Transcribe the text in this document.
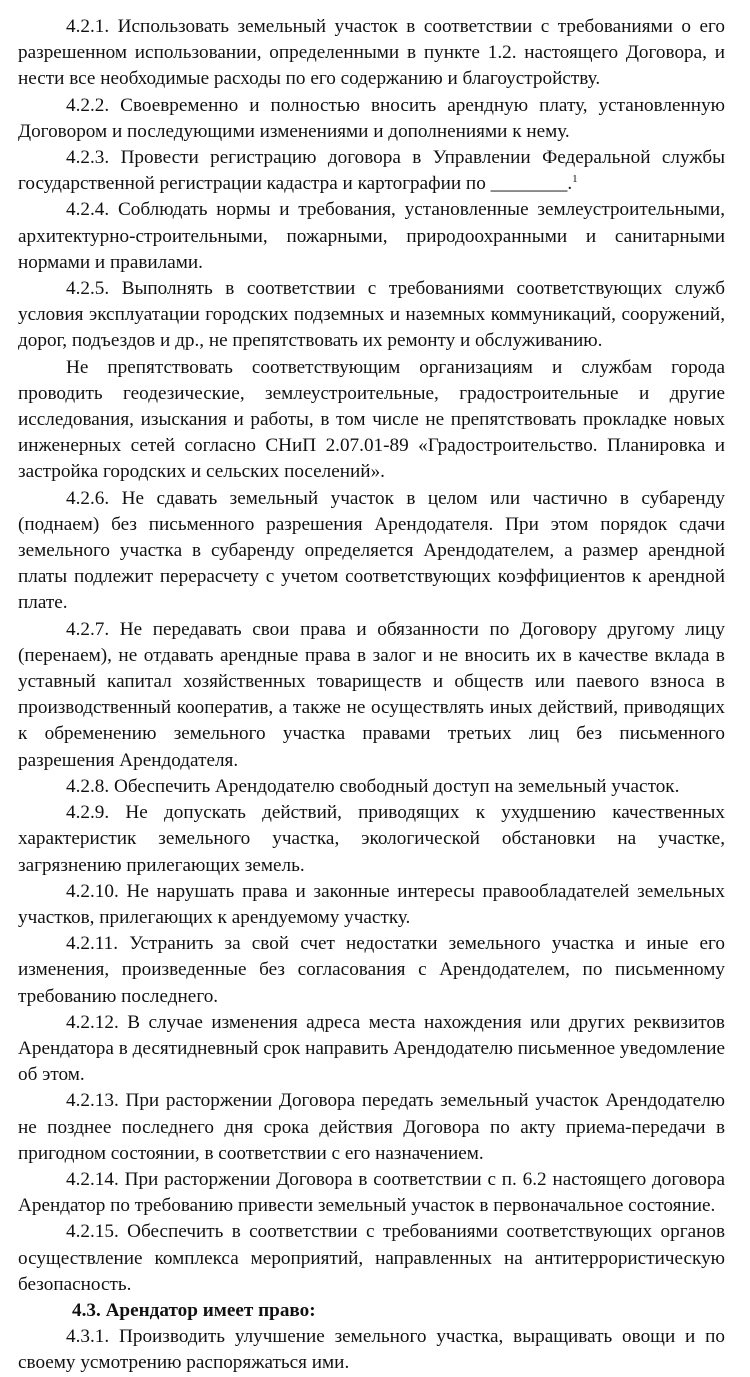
4.2.1. Использовать земельный участок в соответствии с требованиями о его разрешенном использовании, определенными в пункте 1.2. настоящего Договора, и нести все необходимые расходы по его содержанию и благоустройству.

4.2.2. Своевременно и полностью вносить арендную плату, установленную Договором и последующими изменениями и дополнениями к нему.

4.2.3. Провести регистрацию договора в Управлении Федеральной службы государственной регистрации кадастра и картографии по ________.$^1$

4.2.4. Соблюдать нормы и требования, установленные землеустроительными, архитектурно-строительными, пожарными, природоохранными и санитарными нормами и правилами.

4.2.5. Выполнять в соответствии с требованиями соответствующих служб условия эксплуатации городских подземных и наземных коммуникаций, сооружений, дорог, подъездов и др., не препятствовать их ремонту и обслуживанию.

Не препятствовать соответствующим организациям и службам города проводить геодезические, землеустроительные, градостроительные и другие исследования, изыскания и работы, в том числе не препятствовать прокладке новых инженерных сетей согласно СНиП 2.07.01-89 «Градостроительство. Планировка и застройка городских и сельских поселений».

4.2.6. Не сдавать земельный участок в целом или частично в субаренду (поднаем) без письменного разрешения Арендодателя. При этом порядок сдачи земельного участка в субаренду определяется Арендодателем, а размер арендной платы подлежит перерасчету с учетом соответствующих коэффициентов к арендной плате.

4.2.7. Не передавать свои права и обязанности по Договору другому лицу (перенаем), не отдавать арендные права в залог и не вносить их в качестве вклада в уставный капитал хозяйственных товариществ и обществ или паевого взноса в производственный кооператив, а также не осуществлять иных действий, приводящих к обременению земельного участка правами третьих лиц без письменного разрешения Арендодателя.

4.2.8. Обеспечить Арендодателю свободный доступ на земельный участок.

4.2.9. Не допускать действий, приводящих к ухудшению качественных характеристик земельного участка, экологической обстановки на участке, загрязнению прилегающих земель.

4.2.10. Не нарушать права и законные интересы правообладателей земельных участков, прилегающих к арендуемому участку.

4.2.11. Устранить за свой счет недостатки земельного участка и иные его изменения, произведенные без согласования с Арендодателем, по письменному требованию последнего.

4.2.12. В случае изменения адреса места нахождения или других реквизитов Арендатора в десятидневный срок направить Арендодателю письменное уведомление об этом.

4.2.13. При расторжении Договора передать земельный участок Арендодателю не позднее последнего дня срока действия Договора по акту приема-передачи в пригодном состоянии, в соответствии с его назначением.

4.2.14. При расторжении Договора в соответствии с п. 6.2 настоящего договора Арендатор по требованию привести земельный участок в первоначальное состояние.

4.2.15. Обеспечить в соответствии с требованиями соответствующих органов осуществление комплекса мероприятий, направленных на антитеррористическую безопасность.

4.3. Арендатор имеет право:

4.3.1. Производить улучшение земельного участка, выращивать овощи и по своему усмотрению распоряжаться ими.
